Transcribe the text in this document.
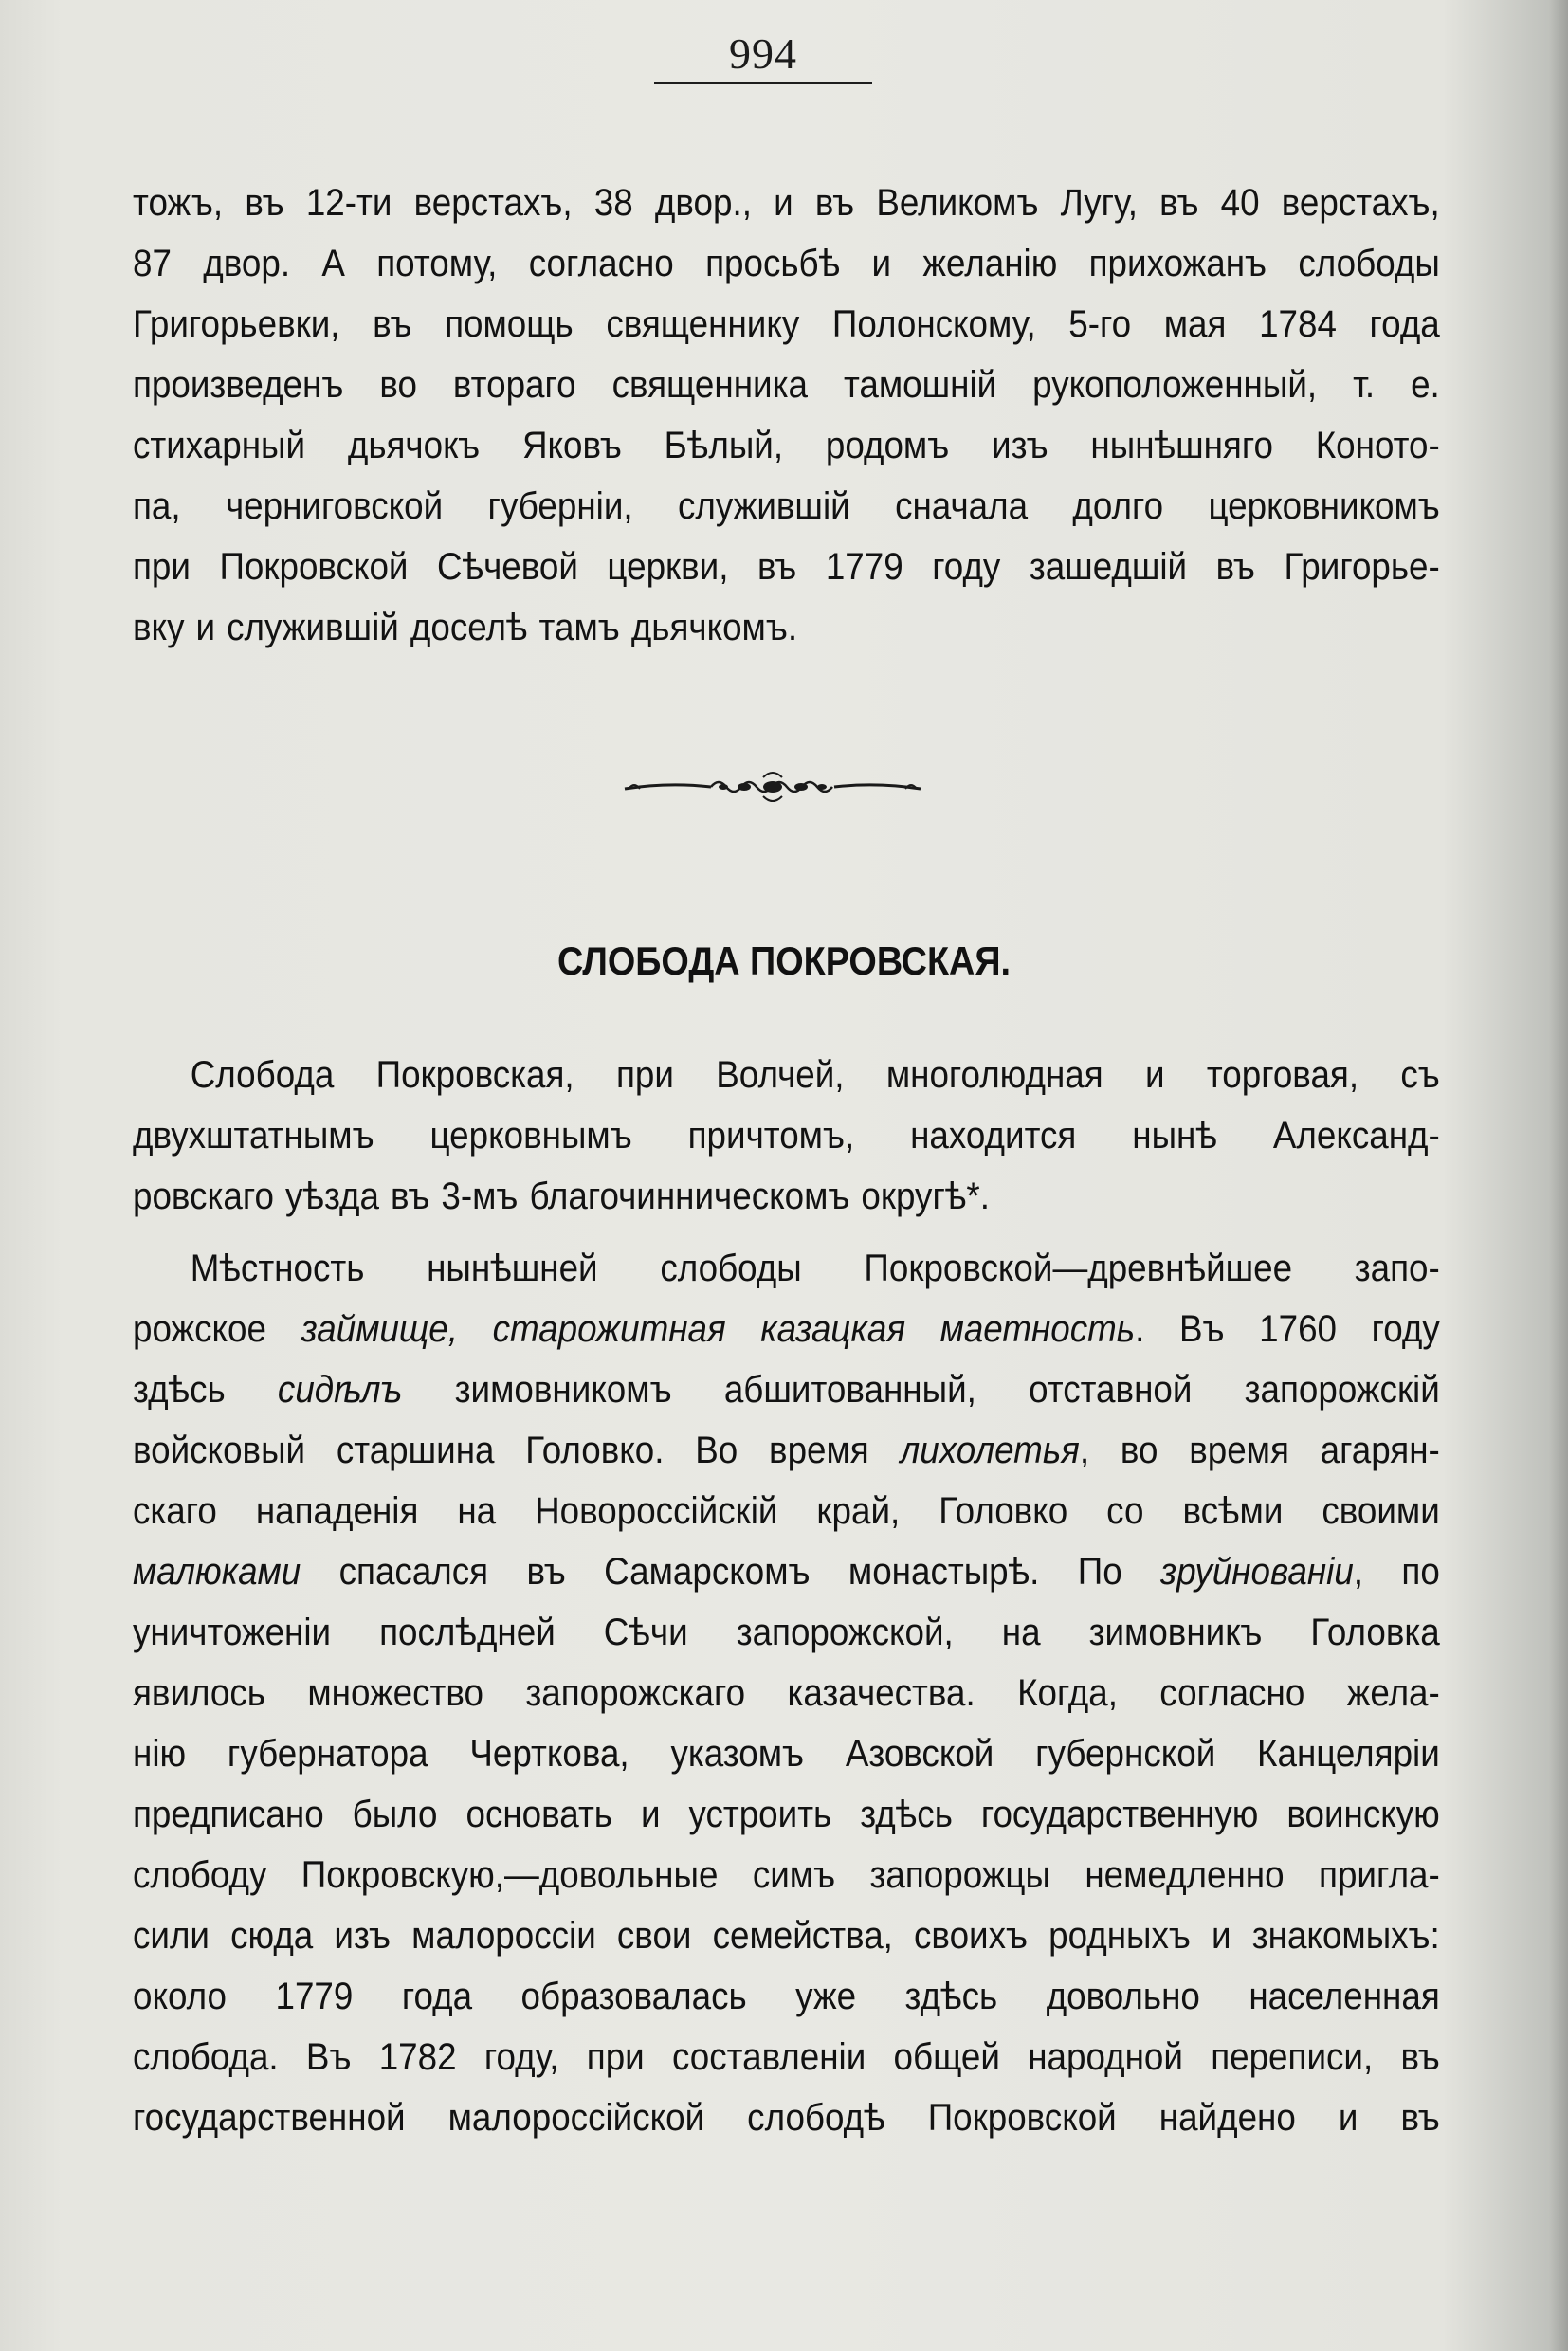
994
тожъ, въ 12-ти верстахъ, 38 двор., и въ Великомъ Лугу, въ 40 верстахъ,
87 двор. А потому, согласно просьбѣ и желанію прихожанъ слободы
Григорьевки, въ помощь священнику Полонскому, 5-го мая 1784 года
произведенъ во втораго священника тамошній рукоположенный, т. е.
стихарный дьячокъ Яковъ Бѣлый, родомъ изъ нынѣшняго Коното-
па, черниговской губерніи, служившій сначала долго церковникомъ
при Покровской Сѣчевой церкви, въ 1779 году зашедшій въ Григорье-
вку и служившій доселѣ тамъ дьячкомъ.
СЛОБОДА ПОКРОВСКАЯ.
Слобода Покровская, при Волчей, многолюдная и торговая, съ
двухштатнымъ церковнымъ причтомъ, находится нынѣ Александ-
ровскаго уѣзда въ 3-мъ благочинническомъ округѣ*.
Мѣстность нынѣшней слободы Покровской—древнѣйшее запо-
рожское займище, старожитная казацкая маетность. Въ 1760 году
здѣсь сидѣлъ зимовникомъ абшитованный, отставной запорожскій
войсковый старшина Головко. Во время лихолетья, во время агарян-
скаго нападенія на Новороссійскій край, Головко со всѣми своими
малюками спасался въ Самарскомъ монастырѣ. По зруйнованіи, по
уничтоженіи послѣдней Сѣчи запорожской, на зимовникъ Головка
явилось множество запорожскаго казачества. Когда, согласно жела-
нію губернатора Черткова, указомъ Азовской губернской Канцеляріи
предписано было основать и устроить здѣсь государственную воинскую
слободу Покровскую,—довольные симъ запорожцы немедленно пригла-
сили сюда изъ малороссіи свои семейства, своихъ родныхъ и знакомыхъ:
около 1779 года образовалась уже здѣсь довольно населенная
слобода. Въ 1782 году, при составленіи общей народной переписи, въ
государственной малороссійской слободѣ Покровской найдено и въ
